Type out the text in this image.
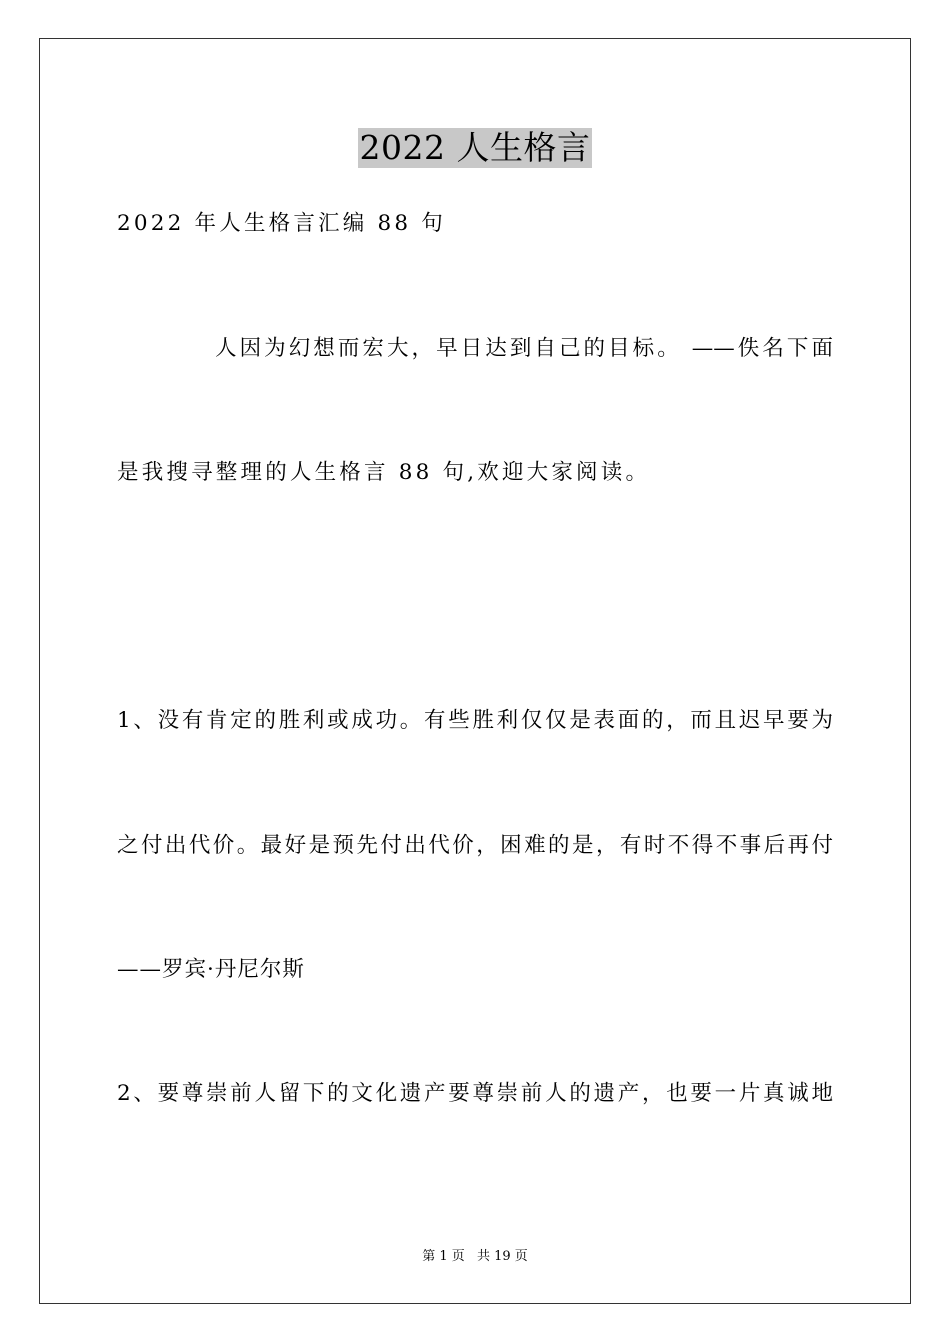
2022 人生格言
2022 年人生格言汇编 88 句
人因为幻想而宏大，早日达到自己的目标。 ——佚名下面
是我搜寻整理的人生格言 88 句,欢迎大家阅读。
1、没有肯定的胜利或成功。有些胜利仅仅是表面的，而且迟早要为
之付出代价。最好是预先付出代价，困难的是，有时不得不事后再付
——罗宾·丹尼尔斯
2、要尊崇前人留下的文化遗产要尊崇前人的遗产，也要一片真诚地
第 1 页 共 19 页
